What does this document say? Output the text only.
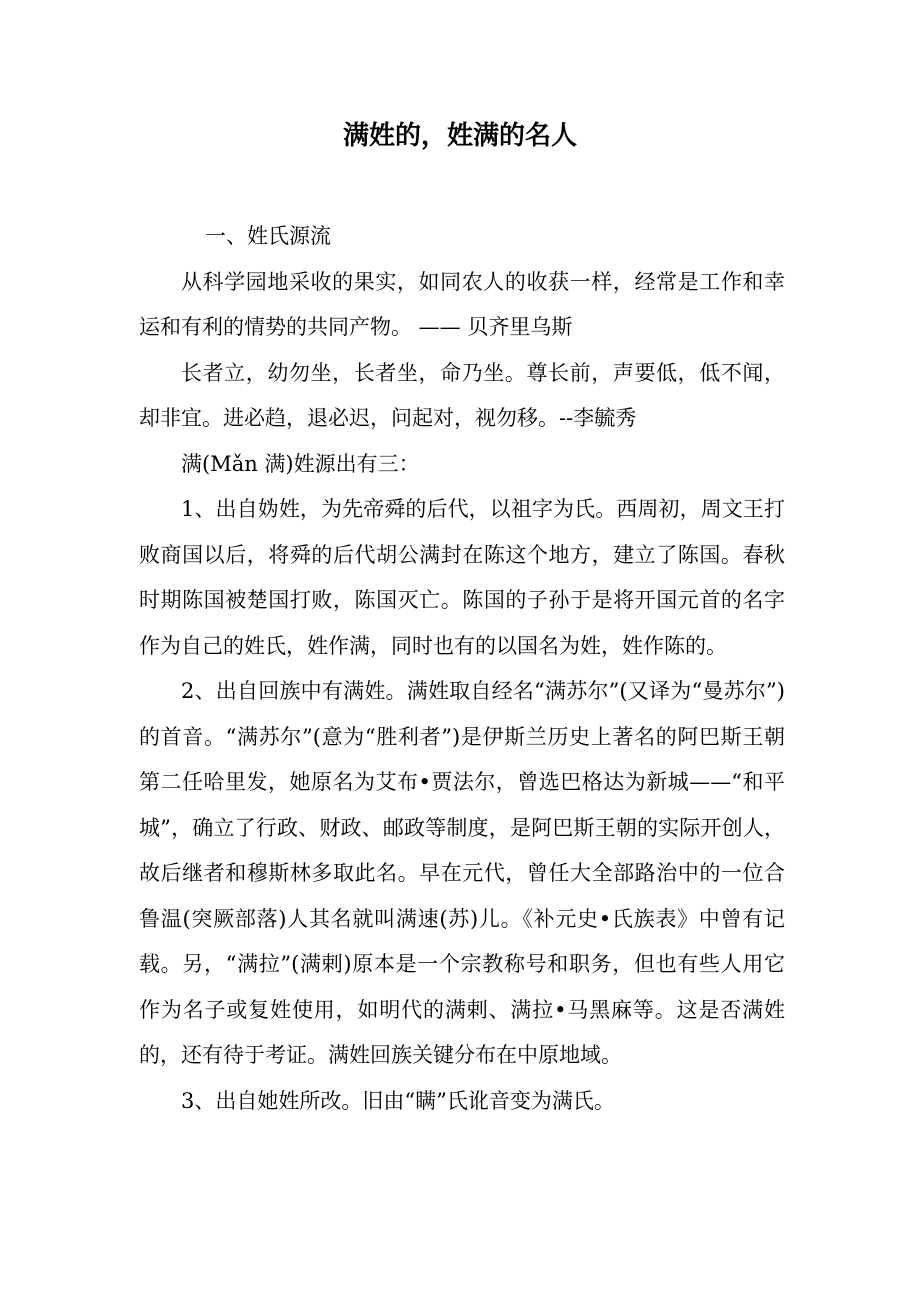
满姓的，姓满的名人

一、姓氏源流

从科学园地采收的果实，如同农人的收获一样，经常是工作和幸运和有利的情势的共同产物。 —— 贝齐里乌斯

长者立，幼勿坐，长者坐，命乃坐。尊长前，声要低，低不闻，却非宜。进必趋，退必迟，问起对，视勿移。--李毓秀

满(Mǎn 满)姓源出有三：

1、出自妫姓，为先帝舜的后代，以祖字为氏。西周初，周文王打败商国以后，将舜的后代胡公满封在陈这个地方，建立了陈国。春秋时期陈国被楚国打败，陈国灭亡。陈国的子孙于是将开国元首的名字作为自己的姓氏，姓作满，同时也有的以国名为姓，姓作陈的。

2、出自回族中有满姓。满姓取自经名“满苏尔”(又译为“曼苏尔”)的首音。“满苏尔”(意为“胜利者”)是伊斯兰历史上著名的阿巴斯王朝第二任哈里发，她原名为艾布•贾法尔，曾选巴格达为新城——“和平城”，确立了行政、财政、邮政等制度，是阿巴斯王朝的实际开创人，故后继者和穆斯林多取此名。早在元代，曾任大全部路治中的一位合鲁温(突厥部落)人其名就叫满速(苏)儿。《补元史•氏族表》中曾有记载。另，“满拉”(满剌)原本是一个宗教称号和职务，但也有些人用它作为名子或复姓使用，如明代的满剌、满拉•马黑麻等。这是否满姓的，还有待于考证。满姓回族关键分布在中原地域。

3、出自她姓所改。旧由“瞒”氏讹音变为满氏。
